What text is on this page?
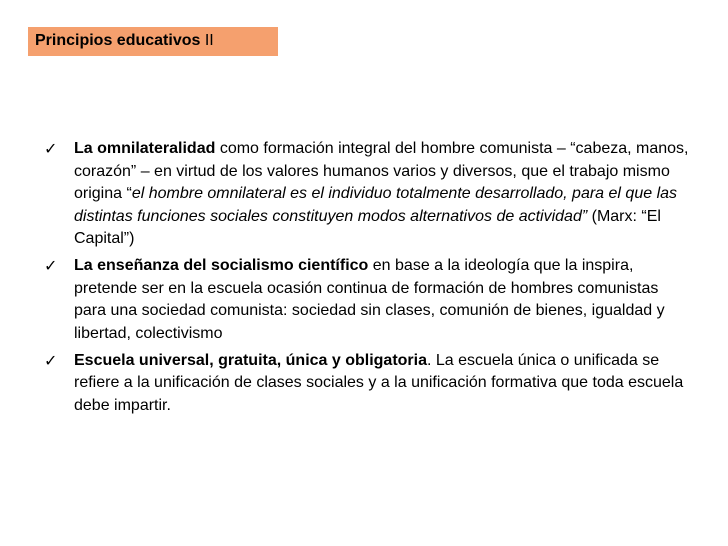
Principios educativos II
✓ La omnilateralidad como formación integral del hombre comunista – “cabeza, manos, corazón” – en virtud de los valores humanos varios y diversos, que el trabajo mismo origina “el hombre omnilateral es el individuo totalmente desarrollado, para el que las distintas funciones sociales constituyen modos alternativos de actividad” (Marx: “El Capital”)
✓ La enseñanza del socialismo científico en base a la ideología que la inspira, pretende ser en la escuela ocasión continua de formación de hombres comunistas para una sociedad comunista: sociedad sin clases, comunión de bienes, igualdad y libertad, colectivismo
✓ Escuela universal, gratuita, única y obligatoria. La escuela única o unificada se refiere a la unificación de clases sociales y a la unificación formativa que toda escuela debe impartir.
